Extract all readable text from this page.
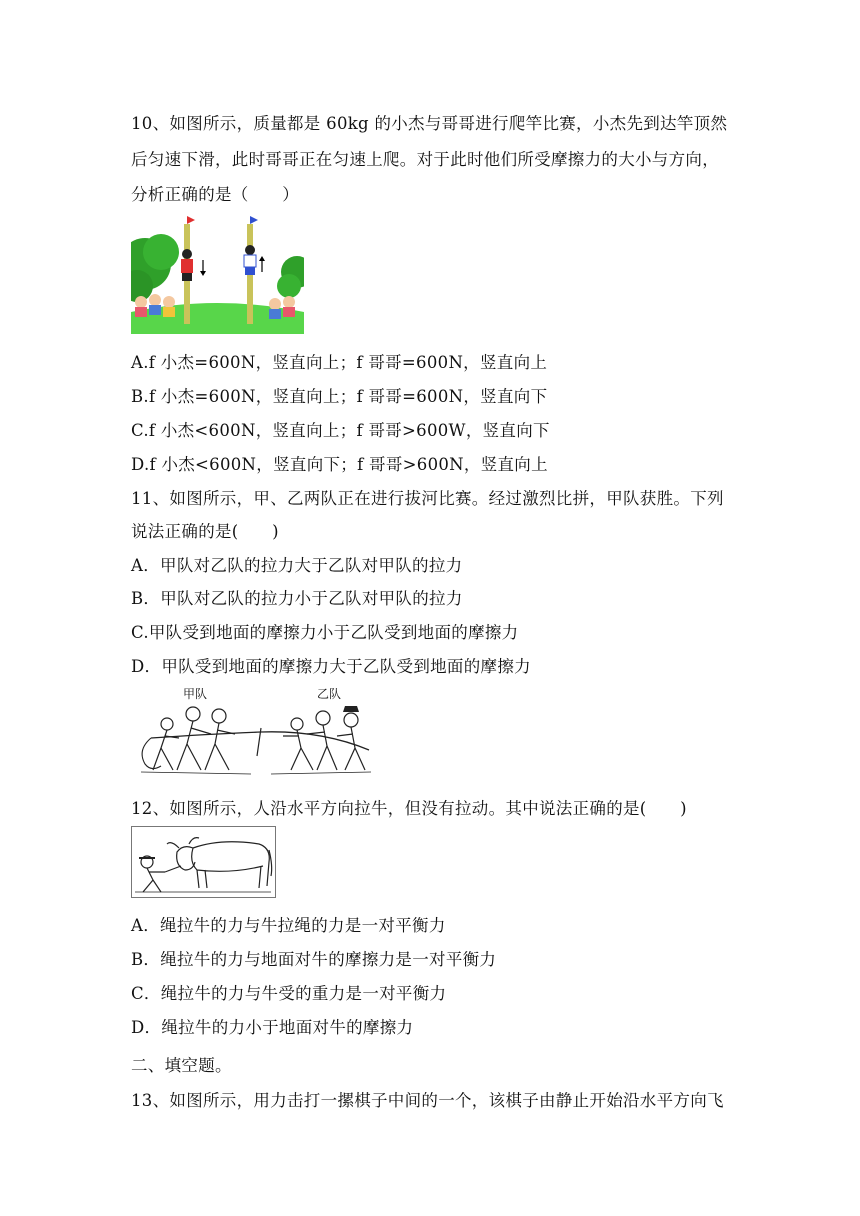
10、如图所示，质量都是 60kg 的小杰与哥哥进行爬竿比赛，小杰先到达竿顶然
后匀速下滑，此时哥哥正在匀速上爬。对于此时他们所受摩擦力的大小与方向，
分析正确的是（　　）
A.f 小杰=600N，竖直向上；f 哥哥=600N，竖直向上
B.f 小杰=600N，竖直向上；f 哥哥=600N，竖直向下
C.f 小杰<600N，竖直向上；f 哥哥>600W，竖直向下
D.f 小杰<600N，竖直向下；f 哥哥>600N，竖直向上
11、如图所示，甲、乙两队正在进行拔河比赛。经过激烈比拼，甲队获胜。下列
说法正确的是(　　)
A．甲队对乙队的拉力大于乙队对甲队的拉力
B．甲队对乙队的拉力小于乙队对甲队的拉力
C.甲队受到地面的摩擦力小于乙队受到地面的摩擦力
D．甲队受到地面的摩擦力大于乙队受到地面的摩擦力
甲队	乙队
12、如图所示，人沿水平方向拉牛，但没有拉动。其中说法正确的是(　　)
A．绳拉牛的力与牛拉绳的力是一对平衡力
B．绳拉牛的力与地面对牛的摩擦力是一对平衡力
C．绳拉牛的力与牛受的重力是一对平衡力
D．绳拉牛的力小于地面对牛的摩擦力
二、填空题。
13、如图所示，用力击打一摞棋子中间的一个，该棋子由静止开始沿水平方向飞
